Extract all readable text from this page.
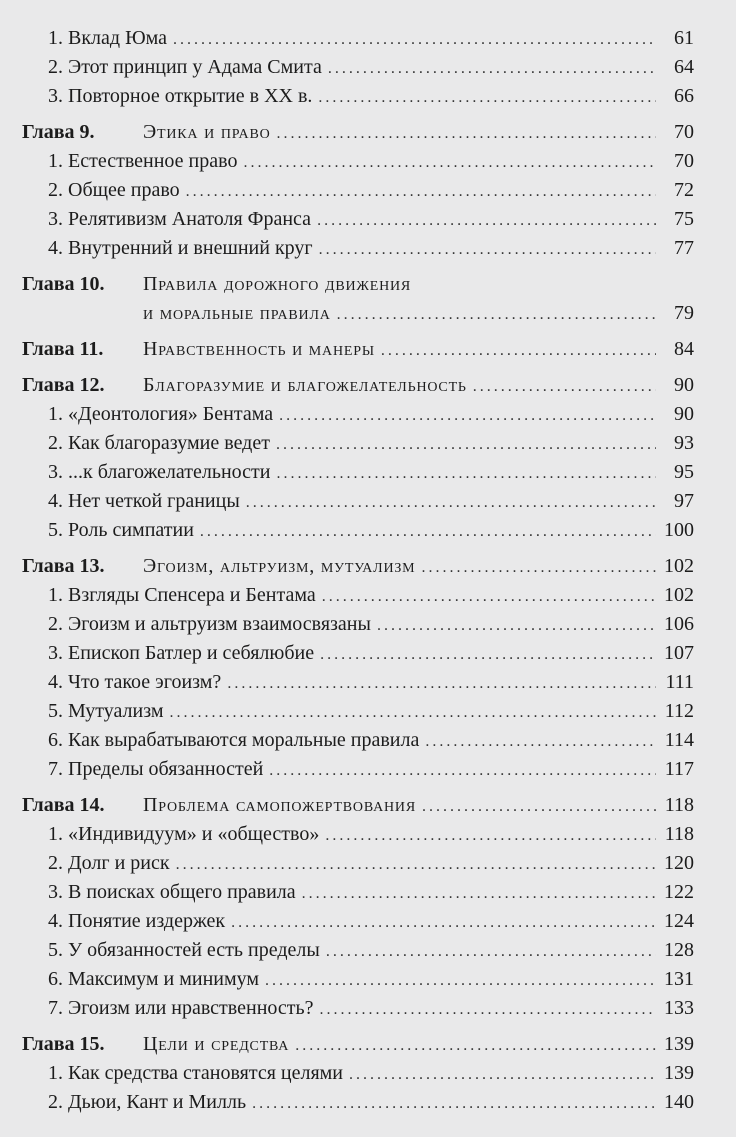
1. Вклад Юма . . .	61
2. Этот принцип у Адама Смита . . .	64
3. Повторное открытие в XX в. . . .	66
Глава 9.	Этика и право . . .	70
1. Естественное право . . .	70
2. Общее право . . .	72
3. Релятивизм Анатоля Франса . . .	75
4. Внутренний и внешний круг . . .	77
Глава 10.	Правила дорожного движения
и моральные правила . . .	79
Глава 11.	Нравственность и манеры . . .	84
Глава 12.	Благоразумие и благожелательность . . .	90
1. «Деонтология» Бентама . . .	90
2. Как благоразумие ведет . . .	93
3. ...к благожелательности . . .	95
4. Нет четкой границы . . .	97
5. Роль симпатии . . .	100
Глава 13.	Эгоизм, альтруизм, мутуализм . . .	102
1. Взгляды Спенсера и Бентама . . .	102
2. Эгоизм и альтруизм взаимосвязаны . . .	106
3. Епископ Батлер и себялюбие . . .	107
4. Что такое эгоизм? . . .	111
5. Мутуализм . . .	112
6. Как вырабатываются моральные правила . . .	114
7. Пределы обязанностей . . .	117
Глава 14.	Проблема самопожертвования . . .	118
1. «Индивидуум» и «общество» . . .	118
2. Долг и риск . . .	120
3. В поисках общего правила . . .	122
4. Понятие издержек . . .	124
5. У обязанностей есть пределы . . .	128
6. Максимум и минимум . . .	131
7. Эгоизм или нравственность? . . .	133
Глава 15.	Цели и средства . . .	139
1. Как средства становятся целями . . .	139
2. Дьюи, Кант и Милль . . .	140
